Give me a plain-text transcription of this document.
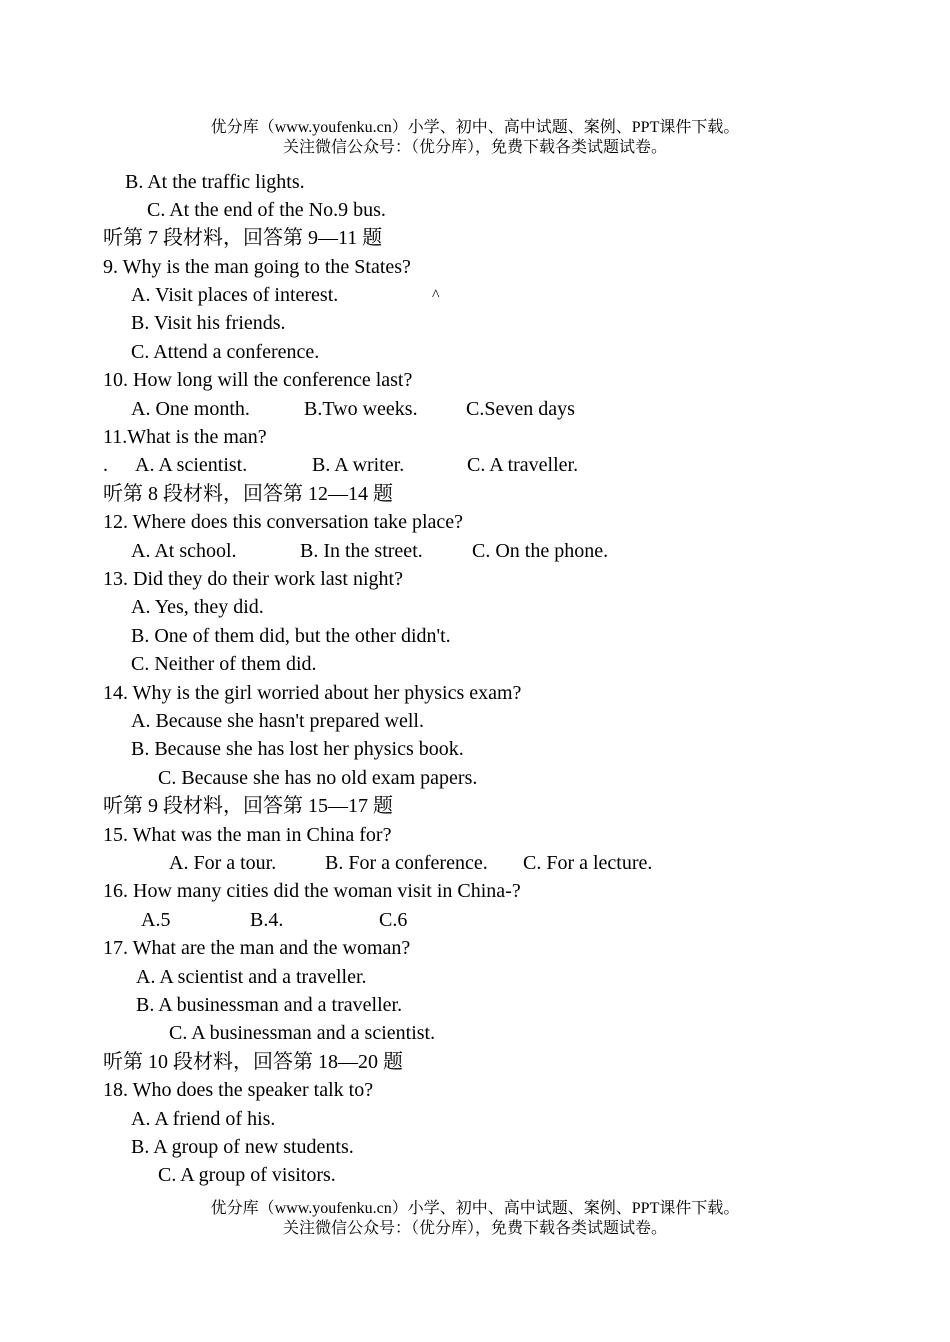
优分库（www.youfenku.cn）小学、初中、高中试题、案例、PPT课件下载。
关注微信公众号：（优分库），免费下载各类试题试卷。
B. At the traffic lights.
C. At the end of the No.9 bus.
听第 7 段材料，回答第 9—11 题
9. Why is the man going to the States?
A. Visit places of interest.	^
B. Visit his friends.
C. Attend a conference.
10. How long will the conference last?
A. One month.	B.Two weeks. C.Seven days
11.What is the man?
. A. A scientist.	B. A writer.	C. A traveller.
听第 8 段材料，回答第 12—14 题
12. Where does this conversation take place?
A. At school.	B. In the street. C. On the phone.
13. Did they do their work last night?
A. Yes, they did.
B. One of them did, but the other didn't.
C. Neither of them did.
14. Why is the girl worried about her physics exam?
A. Because she hasn't prepared well.
B. Because she has lost her physics book.
C. Because she has no old exam papers.
听第 9 段材料，回答第 15—17 题
15. What was the man in China for?
A. For a tour. B. For a conference. C. For a lecture.
16. How many cities did the woman visit in China-?
A.5	B.4.	C.6
17. What are the man and the woman?
A. A scientist and a traveller.
B. A businessman and a traveller.
C. A businessman and a scientist.
听第 10 段材料，回答第 18—20 题
18. Who does the speaker talk to?
A. A friend of his.
B. A group of new students.
C. A group of visitors.
优分库（www.youfenku.cn）小学、初中、高中试题、案例、PPT课件下载。
关注微信公众号：（优分库），免费下载各类试题试卷。
